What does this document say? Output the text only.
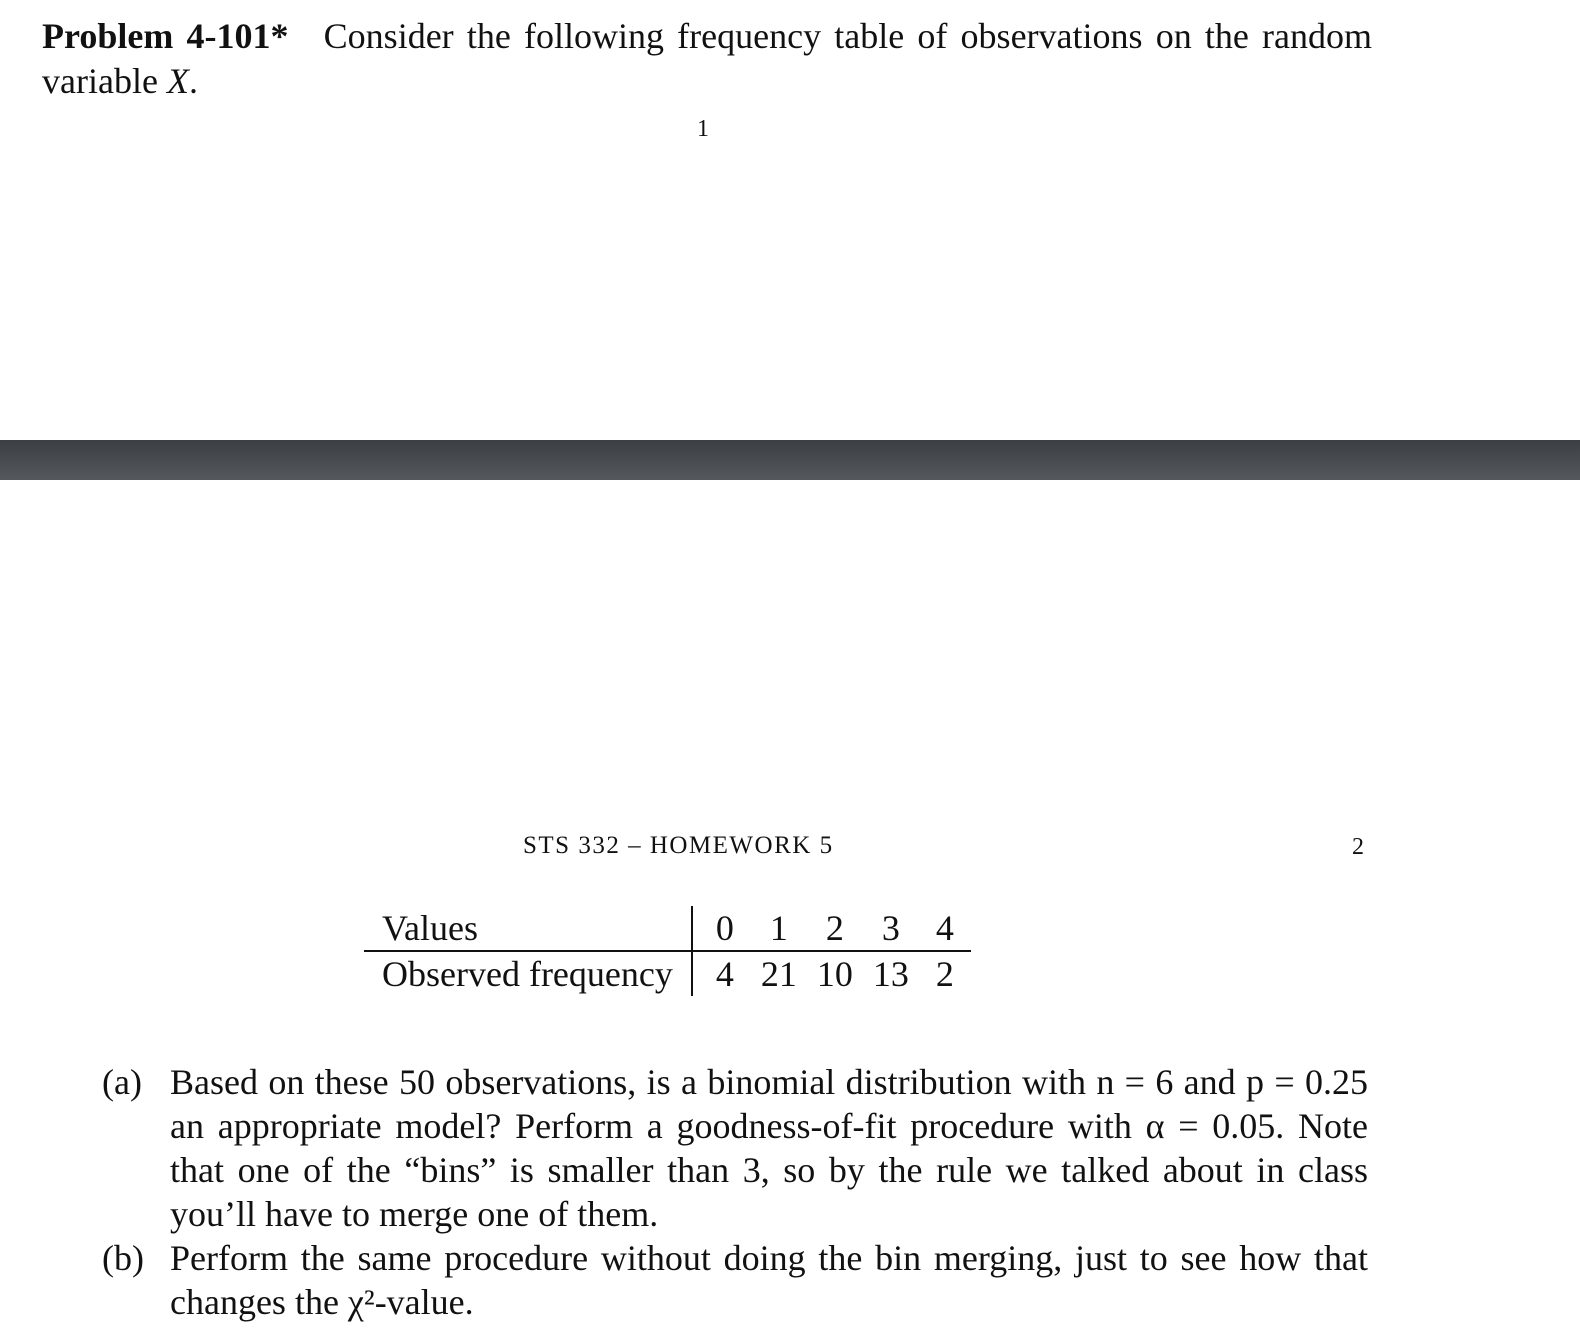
Problem 4-101* Consider the following frequency table of observations on the random variable X.
1
STS 332 – HOMEWORK 5	2
Values	0	1	2	3	4
Observed frequency	4	21	10	13	2
(a) Based on these 50 observations, is a binomial distribution with n = 6 and p = 0.25 an appropriate model? Perform a goodness-of-fit procedure with α = 0.05. Note that one of the “bins” is smaller than 3, so by the rule we talked about in class you’ll have to merge one of them.
(b) Perform the same procedure without doing the bin merging, just to see how that changes the χ²-value.
